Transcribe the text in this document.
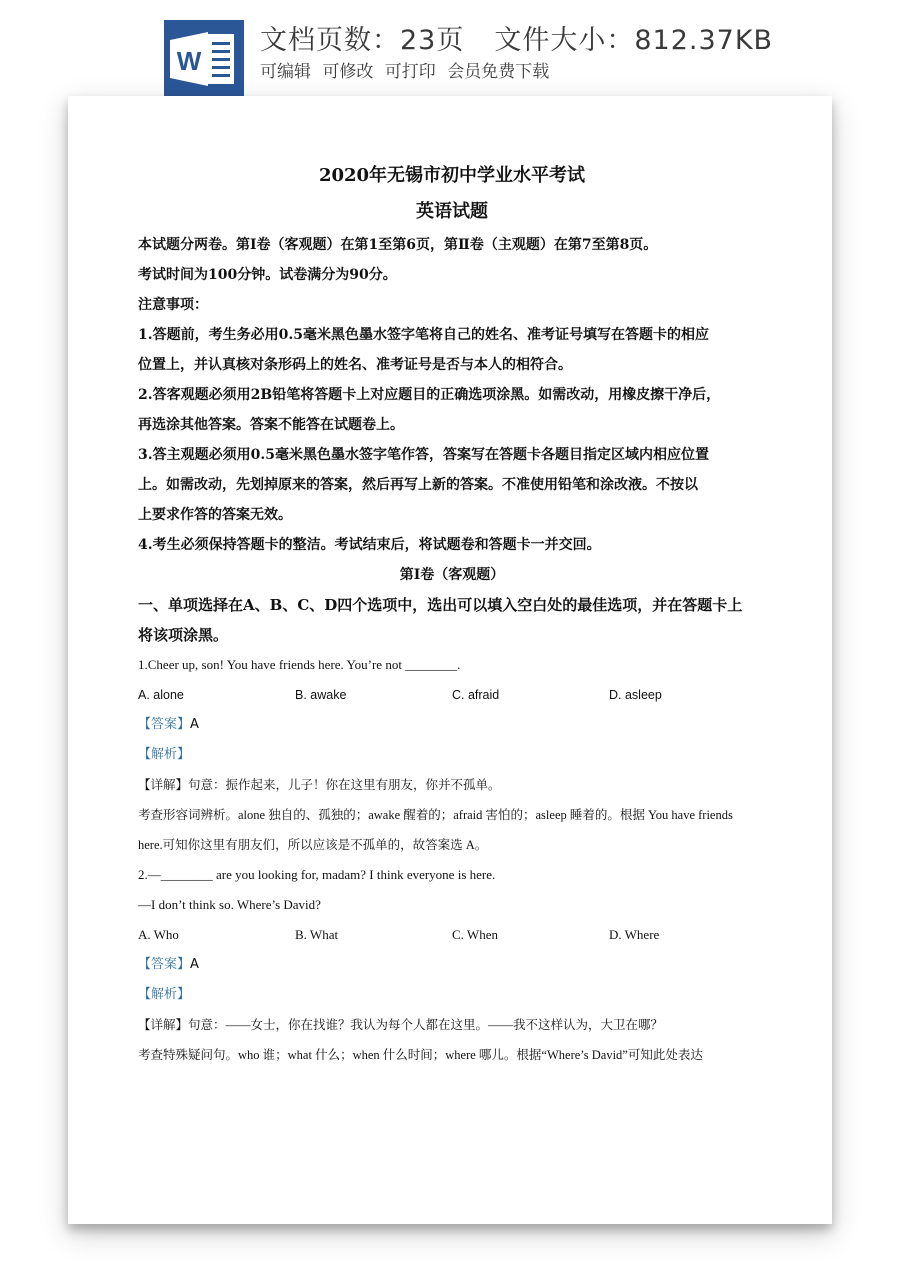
W
文档页数：23页 文件大小：812.37KB
可编辑 可修改 可打印 会员免费下载

2020年无锡市初中学业水平考试

英语试题

本试题分两卷。第Ⅰ卷（客观题）在第1至第6页，第Ⅱ卷（主观题）在第7至第8页。

考试时间为100分钟。试卷满分为90分。

注意事项：

1.答题前，考生务必用0.5毫米黑色墨水签字笔将自己的姓名、准考证号填写在答题卡的相应

位置上，并认真核对条形码上的姓名、准考证号是否与本人的相符合。

2.答客观题必须用2B铅笔将答题卡上对应题目的正确选项涂黑。如需改动，用橡皮擦干净后，

再选涂其他答案。答案不能答在试题卷上。

3.答主观题必须用0.5毫米黑色墨水签字笔作答，答案写在答题卡各题目指定区域内相应位置

上。如需改动，先划掉原来的答案，然后再写上新的答案。不准使用铅笔和涂改液。不按以

上要求作答的答案无效。

4.考生必须保持答题卡的整洁。考试结束后，将试题卷和答题卡一并交回。

第Ⅰ卷（客观题）

一、单项选择在A、B、C、D四个选项中，选出可以填入空白处的最佳选项，并在答题卡上

将该项涂黑。

1.Cheer up, son! You have friends here. You’re not ________.

A. alone	B. awake	C. afraid	D. asleep

【答案】A

【解析】

【详解】句意：振作起来，儿子！你在这里有朋友，你并不孤单。

考查形容词辨析。alone 独自的、孤独的；awake 醒着的；afraid 害怕的；asleep 睡着的。根据 You have friends

here.可知你这里有朋友们，所以应该是不孤单的，故答案选 A。

2.—________ are you looking for, madam? I think everyone is here.

—I don’t think so. Where’s David?

A. Who	B. What	C. When	D. Where

【答案】A

【解析】

【详解】句意：——女士，你在找谁？我认为每个人都在这里。——我不这样认为，大卫在哪？

考查特殊疑问句。who 谁；what 什么；when 什么时间；where 哪儿。根据“Where’s David”可知此处表达
